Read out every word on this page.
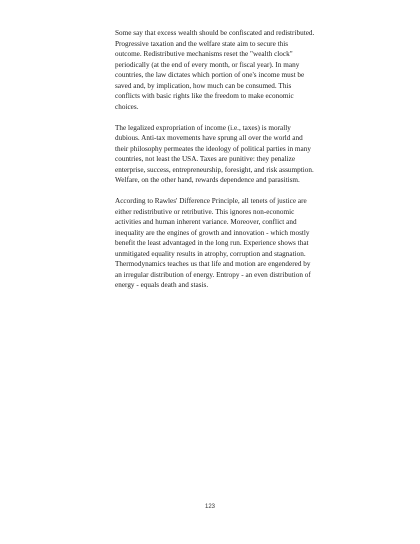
Some say that excess wealth should be confiscated and redistributed. Progressive taxation and the welfare state aim to secure this outcome. Redistributive mechanisms reset the "wealth clock" periodically (at the end of every month, or fiscal year). In many countries, the law dictates which portion of one's income must be saved and, by implication, how much can be consumed. This conflicts with basic rights like the freedom to make economic choices.

The legalized expropriation of income (i.e., taxes) is morally dubious. Anti-tax movements have sprung all over the world and their philosophy permeates the ideology of political parties in many countries, not least the USA. Taxes are punitive: they penalize enterprise, success, entrepreneurship, foresight, and risk assumption. Welfare, on the other hand, rewards dependence and parasitism.

According to Rawles' Difference Principle, all tenets of justice are either redistributive or retributive. This ignores non-economic activities and human inherent variance. Moreover, conflict and inequality are the engines of growth and innovation - which mostly benefit the least advantaged in the long run. Experience shows that unmitigated equality results in atrophy, corruption and stagnation. Thermodynamics teaches us that life and motion are engendered by an irregular distribution of energy. Entropy - an even distribution of energy - equals death and stasis.

123
